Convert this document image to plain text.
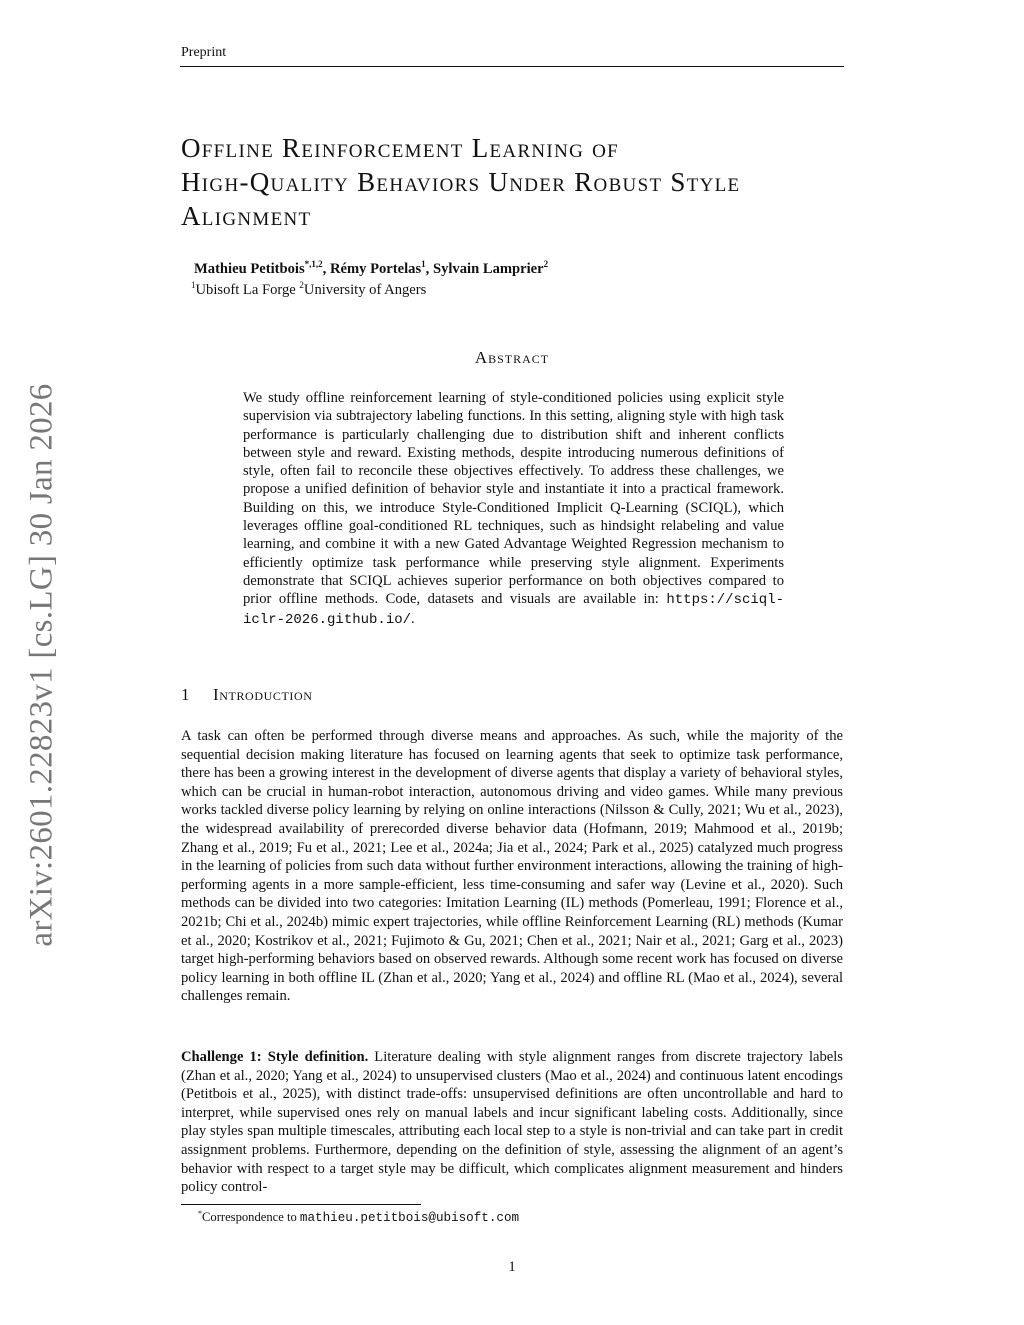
Preprint
arXiv:2601.22823v1 [cs.LG] 30 Jan 2026
Offline Reinforcement Learning of
High-Quality Behaviors Under Robust Style
Alignment
Mathieu Petitbois$^{*,1,2}$, Rémy Portelas$^1$, Sylvain Lamprier$^2$
$^1$Ubisoft La Forge $^2$University of Angers
Abstract
We study offline reinforcement learning of style-conditioned policies using explicit style supervision via subtrajectory labeling functions. In this setting, aligning style with high task performance is particularly challenging due to distribution shift and inherent conflicts between style and reward. Existing methods, despite introducing numerous definitions of style, often fail to reconcile these objectives effectively. To address these challenges, we propose a unified definition of behavior style and instantiate it into a practical framework. Building on this, we introduce Style-Conditioned Implicit Q-Learning (SCIQL), which leverages offline goal-conditioned RL techniques, such as hindsight relabeling and value learning, and combine it with a new Gated Advantage Weighted Regression mechanism to efficiently optimize task performance while preserving style alignment. Experiments demonstrate that SCIQL achieves superior performance on both objectives compared to prior offline methods. Code, datasets and visuals are available in: https://sciql-iclr-2026.github.io/.
1 Introduction
A task can often be performed through diverse means and approaches. As such, while the majority of the sequential decision making literature has focused on learning agents that seek to optimize task performance, there has been a growing interest in the development of diverse agents that display a variety of behavioral styles, which can be crucial in human-robot interaction, autonomous driving and video games. While many previous works tackled diverse policy learning by relying on online interactions (Nilsson & Cully, 2021; Wu et al., 2023), the widespread availability of prerecorded diverse behavior data (Hofmann, 2019; Mahmood et al., 2019b; Zhang et al., 2019; Fu et al., 2021; Lee et al., 2024a; Jia et al., 2024; Park et al., 2025) catalyzed much progress in the learning of policies from such data without further environment interactions, allowing the training of high-performing agents in a more sample-efficient, less time-consuming and safer way (Levine et al., 2020). Such methods can be divided into two categories: Imitation Learning (IL) methods (Pomerleau, 1991; Florence et al., 2021b; Chi et al., 2024b) mimic expert trajectories, while offline Reinforcement Learning (RL) methods (Kumar et al., 2020; Kostrikov et al., 2021; Fujimoto & Gu, 2021; Chen et al., 2021; Nair et al., 2021; Garg et al., 2023) target high-performing behaviors based on observed rewards. Although some recent work has focused on diverse policy learning in both offline IL (Zhan et al., 2020; Yang et al., 2024) and offline RL (Mao et al., 2024), several challenges remain.
Challenge 1: Style definition. Literature dealing with style alignment ranges from discrete trajectory labels (Zhan et al., 2020; Yang et al., 2024) to unsupervised clusters (Mao et al., 2024) and continuous latent encodings (Petitbois et al., 2025), with distinct trade-offs: unsupervised definitions are often uncontrollable and hard to interpret, while supervised ones rely on manual labels and incur significant labeling costs. Additionally, since play styles span multiple timescales, attributing each local step to a style is non-trivial and can take part in credit assignment problems. Furthermore, depending on the definition of style, assessing the alignment of an agent’s behavior with respect to a target style may be difficult, which complicates alignment measurement and hinders policy control-
*Correspondence to mathieu.petitbois@ubisoft.com
1
